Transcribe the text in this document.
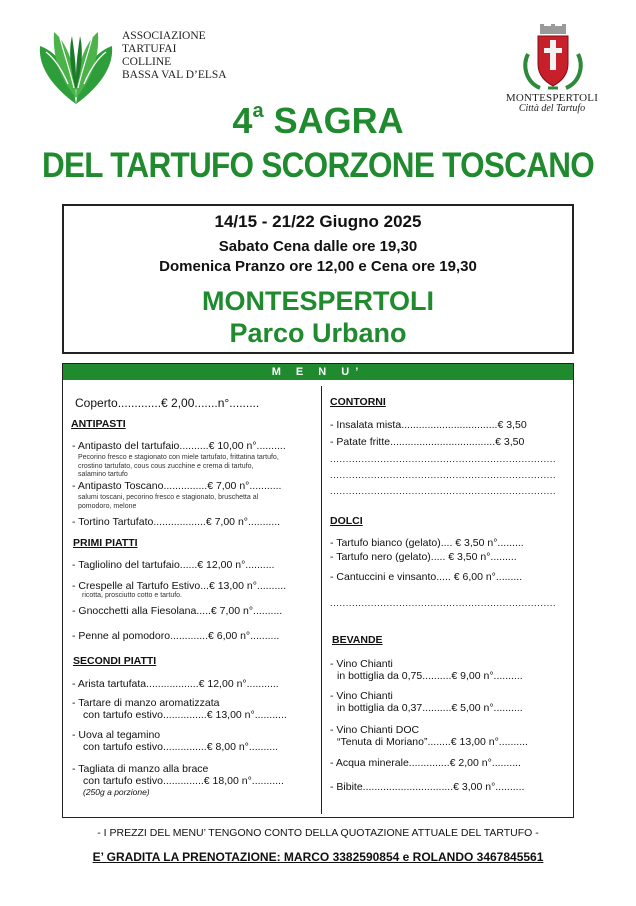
ASSOCIAZIONE
TARTUFAI
COLLINE
BASSA VAL D’ELSA
MONTESPERTOLI
Città del Tartufo
4$^a$ SAGRA
DEL TARTUFO SCORZONE TOSCANO
14/15 - 21/22 Giugno 2025
Sabato Cena dalle ore 19,30
Domenica Pranzo ore 12,00 e Cena ore 19,30
MONTESPERTOLI
Parco Urbano
M E N U’
Coperto.............€ 2,00.......n°.........
ANTIPASTI
- Antipasto del tartufaio..........€ 10,00 n°..........
Pecorino fresco e stagionato con miele tartufato, frittatina tartufo,
crostino tartufato, cous cous zucchine e crema di tartufo,
salamino tartufo
- Antipasto Toscano...............€ 7,00 n°...........
salumi toscani, pecorino fresco e stagionato, bruschetta al
pomodoro, melone
- Tortino Tartufato..................€ 7,00 n°...........
PRIMI PIATTI
- Tagliolino del tartufaio......€ 12,00 n°..........
- Crespelle al Tartufo Estivo...€ 13,00 n°..........
ricotta, prosciutto cotto e tartufo.
- Gnocchetti alla Fiesolana.....€ 7,00 n°..........
- Penne al pomodoro.............€ 6,00 n°..........
SECONDI PIATTI
- Arista tartufata..................€ 12,00 n°...........
- Tartare di manzo aromatizzata
con tartufo estivo...............€ 13,00 n°...........
- Uova al tegamino
con tartufo estivo...............€ 8,00 n°..........
- Tagliata di manzo alla brace
con tartufo estivo..............€ 18,00 n°...........
(250g a porzione)
CONTORNI
- Insalata mista.................................€ 3,50
- Patate fritte....................................€ 3,50
........................................................................
........................................................................
........................................................................
DOLCI
- Tartufo bianco (gelato).... € 3,50 n°.........
- Tartufo nero (gelato)..... € 3,50 n°.........
- Cantuccini e vinsanto..... € 6,00 n°.........
........................................................................
BEVANDE
- Vino Chianti
in bottiglia da 0,75..........€ 9,00 n°..........
- Vino Chianti
in bottiglia da 0,37..........€ 5,00 n°..........
- Vino Chianti DOC
“Tenuta di Moriano”........€ 13,00 n°..........
- Acqua minerale..............€ 2,00 n°..........
- Bibite...............................€ 3,00 n°..........
- I PREZZI DEL MENU’ TENGONO CONTO DELLA QUOTAZIONE ATTUALE DEL TARTUFO -
E’ GRADITA LA PRENOTAZIONE: MARCO 3382590854 e ROLANDO 3467845561
